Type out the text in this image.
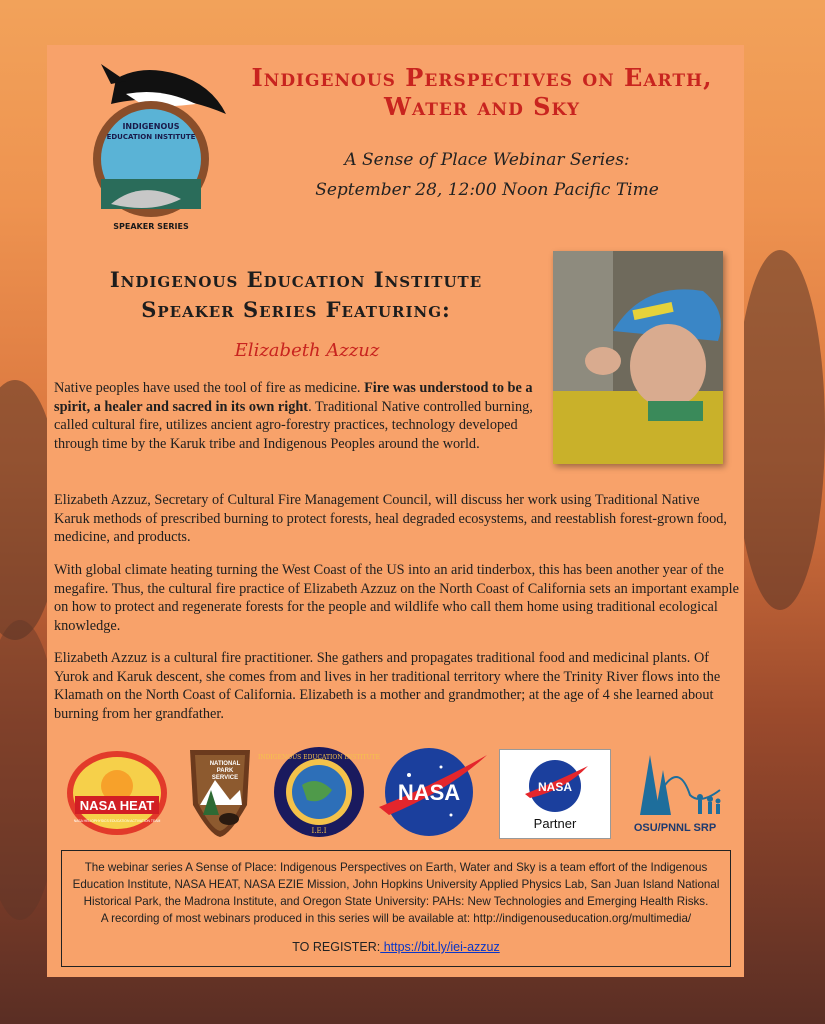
INDIGENOUS
EDUCATION INSTITUTE
SPEAKER SERIES
Indigenous Perspectives on Earth, Water and Sky
A Sense of Place Webinar Series:
September 28, 12:00 Noon Pacific Time
Indigenous Education Institute
Speaker Series Featuring:
Elizabeth Azzuz

Native peoples have used the tool of fire as medicine. Fire was understood to be a spirit, a healer and sacred in its own right. Traditional Native controlled burning, called cultural fire, utilizes ancient agro-forestry practices, technology developed through time by the Karuk tribe and Indigenous Peoples around the world.

Elizabeth Azzuz, Secretary of Cultural Fire Management Council, will discuss her work using Traditional Native Karuk methods of prescribed burning to protect forests, heal degraded ecosystems, and reestablish forest-grown food, medicine, and products.

With global climate heating turning the West Coast of the US into an arid tinderbox, this has been another year of the megafire. Thus, the cultural fire practice of Elizabeth Azzuz on the North Coast of California sets an important example on how to protect and regenerate forests for the people and wildlife who call them home using traditional ecological knowledge.

Elizabeth Azzuz is a cultural fire practitioner. She gathers and propagates traditional food and medicinal plants. Of Yurok and Karuk descent, she comes from and lives in her traditional territory where the Trinity River flows into the Klamath on the North Coast of California. Elizabeth is a mother and grandmother; at the age of 4 she learned about burning from her grandfather.

NASA HEAT
NASA HELIOPHYSICS EDUCATION ACTIVATION TEAM
NATIONAL
PARK
SERVICE
INDIGENOUS EDUCATION INSTITUTE
I.E.I
NASA	NASA
Partner	OSU/PNNL SRP
The webinar series A Sense of Place: Indigenous Perspectives on Earth, Water and Sky is a team effort of the Indigenous Education Institute, NASA HEAT, NASA EZIE Mission, John Hopkins University Applied Physics Lab, San Juan Island National Historical Park, the Madrona Institute, and Oregon State University: PAHs: New Technologies and Emerging Health Risks.
A recording of most webinars produced in this series will be available at: http://indigenouseducation.org/multimedia/
TO REGISTER: https://bit.ly/iei-azzuz
